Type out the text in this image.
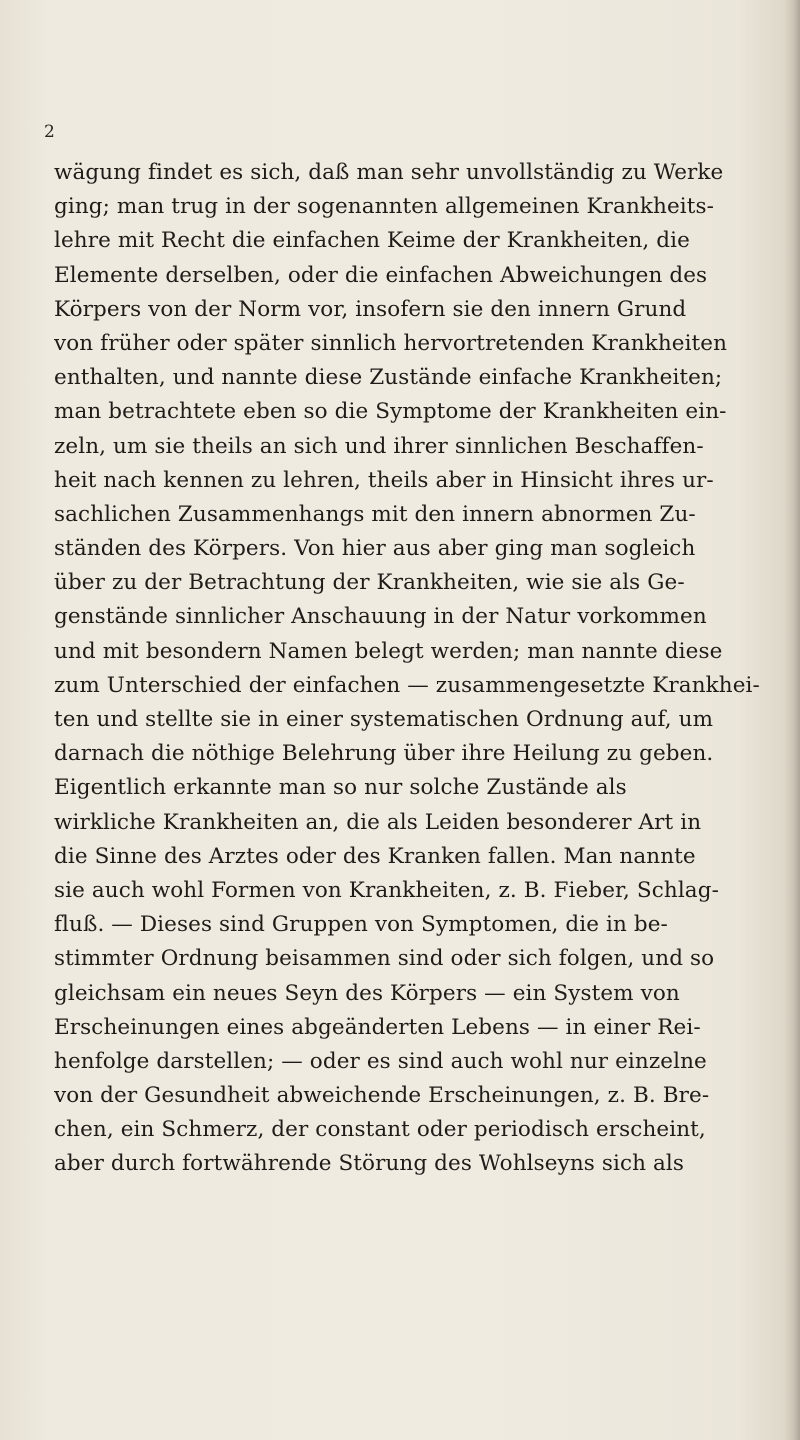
2
wägung findet es sich, daß man sehr unvollständig zu Werke
ging; man trug in der sogenannten allgemeinen Krankheits-
lehre mit Recht die einfachen Keime der Krankheiten, die
Elemente derselben, oder die einfachen Abweichungen des
Körpers von der Norm vor, insofern sie den innern Grund
von früher oder später sinnlich hervortretenden Krankheiten
enthalten, und nannte diese Zustände einfache Krankheiten;
man betrachtete eben so die Symptome der Krankheiten ein-
zeln, um sie theils an sich und ihrer sinnlichen Beschaffen-
heit nach kennen zu lehren, theils aber in Hinsicht ihres ur-
sachlichen Zusammenhangs mit den innern abnormen Zu-
ständen des Körpers. Von hier aus aber ging man sogleich
über zu der Betrachtung der Krankheiten, wie sie als Ge-
genstände sinnlicher Anschauung in der Natur vorkommen
und mit besondern Namen belegt werden; man nannte diese
zum Unterschied der einfachen — zusammengesetzte Krankhei-
ten und stellte sie in einer systematischen Ordnung auf, um
darnach die nöthige Belehrung über ihre Heilung zu geben.
Eigentlich erkannte man so nur solche Zustände als
wirkliche Krankheiten an, die als Leiden besonderer Art in
die Sinne des Arztes oder des Kranken fallen. Man nannte
sie auch wohl Formen von Krankheiten, z. B. Fieber, Schlag-
fluß. — Dieses sind Gruppen von Symptomen, die in be-
stimmter Ordnung beisammen sind oder sich folgen, und so
gleichsam ein neues Seyn des Körpers — ein System von
Erscheinungen eines abgeänderten Lebens — in einer Rei-
henfolge darstellen; — oder es sind auch wohl nur einzelne
von der Gesundheit abweichende Erscheinungen, z. B. Bre-
chen, ein Schmerz, der constant oder periodisch erscheint,
aber durch fortwährende Störung des Wohlseyns sich als
